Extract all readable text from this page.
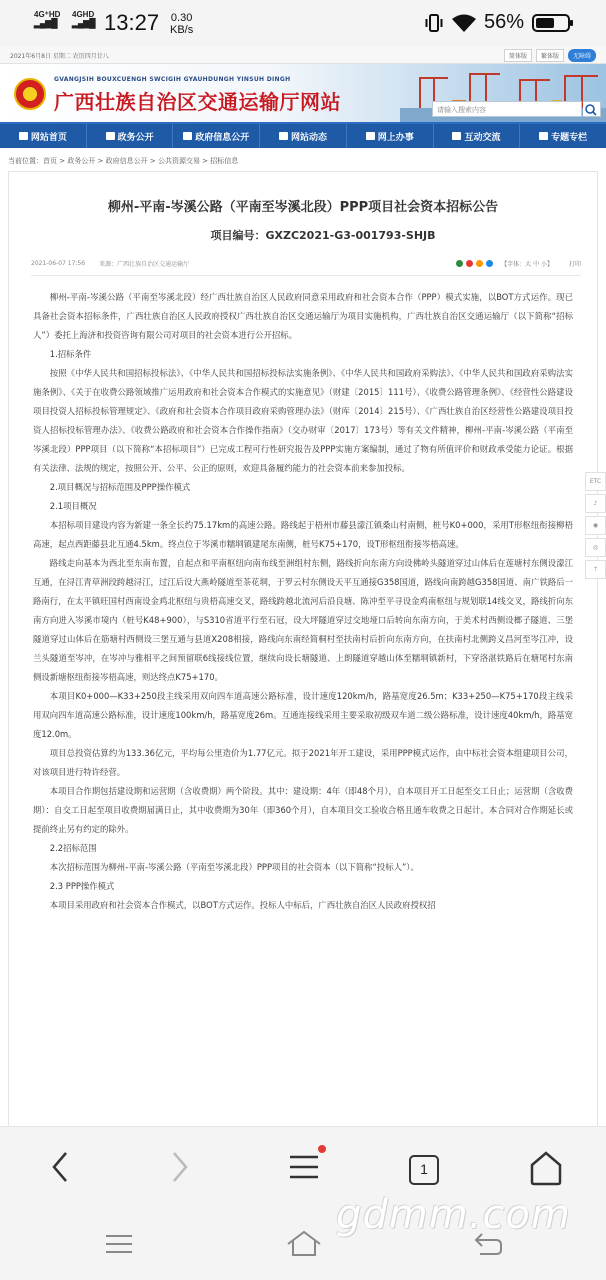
4G⁺HD
▂▄▆█
4GHD
▂▄▆█ 13:27 0.30
KB/s	56%
2021年6月8日 星期二 农历四月廿八	简体版	繁体版	无障碍
GVANGJSIH BOUXCUENGH SWCIGIH GYAUHDUNGH YINSUH DINGH
广西壮族自治区交通运输厅网站	请输入搜索内容
网站首页	政务公开	政府信息公开	网站动态	网上办事	互动交流	专题专栏
当前位置：首页 > 政务公开 > 政府信息公开 > 公共资源交易 > 招标信息
柳州-平南-岑溪公路（平南至岑溪北段）PPP项目社会资本招标公告
项目编号：GXZC2021-G3-001793-SHJB
2021-06-07 17:56 来源：广西壮族自治区交通运输厅	【字体：大 中 小】	打印

柳州-平南-岑溪公路（平南至岑溪北段）经广西壮族自治区人民政府同意采用政府和社会资本合作（PPP）模式实施，以BOT方式运作。现已具备社会资本招标条件，广西壮族自治区人民政府授权广西壮族自治区交通运输厅为项目实施机构，广西壮族自治区交通运输厅（以下简称“招标人”）委托上海济和投资咨询有限公司对项目的社会资本进行公开招标。

1.招标条件

按照《中华人民共和国招标投标法》、《中华人民共和国招标投标法实施条例》、《中华人民共和国政府采购法》、《中华人民共和国政府采购法实施条例》、《关于在收费公路领域推广运用政府和社会资本合作模式的实施意见》（财建〔2015〕111号）、《收费公路管理条例》、《经营性公路建设项目投资人招标投标管理规定》、《政府和社会资本合作项目政府采购管理办法》（财库〔2014〕215号）、《广西壮族自治区经营性公路建设项目投资人招标投标管理办法》、《收费公路政府和社会资本合作操作指南》（交办财审〔2017〕173号）等有关文件精神，柳州-平南-岑溪公路（平南至岑溪北段）PPP项目（以下简称“本招标项目”）已完成工程可行性研究报告及PPP实施方案编制，通过了物有所值评价和财政承受能力论证。根据有关法律、法规的规定，按照公开、公平、公正的原则，欢迎具备履约能力的社会资本前来参加投标。

2.项目概况与招标范围及PPP操作模式

2.1项目概况

本招标项目建设内容为新建一条全长约75.17km的高速公路。路线起于梧州市藤县濛江镇桑山村南侧，桩号K0+000，采用T形枢纽衔接柳梧高速，起点西距藤县北互通4.5km。终点位于岑溪市糯垌镇建尾东南侧，桩号K75+170，设T形枢纽衔接岑梧高速。

路线走向基本为西北至东南布置，自起点和平南枢纽向南布线至洲组村东侧，路线折向东南方向设佛岭头隧道穿过山体后在莲塘村东侧设濛江互通，在浔江青草洲段跨越浔江，过江后设大燕岭隧道至茶花垌，于罗云村东侧设天平互通接G358国道，路线向南跨越G358国道、南广铁路后一路南行，在太平镇旺国村西南设金鸡北枢纽与贵梧高速交叉，路线跨越北流河后沿良塘、陈冲至平寻设金鸡南枢纽与规划联14线交叉，路线折向东南方向进入岑溪市境内（桩号K48+900），与S310省道平行至石冠，设大坪隧道穿过交地垭口后转向东南方向，于美术村西侧设榔子隧道、三堡隧道穿过山体后在筋塘村西侧设三堡互通与县道X208相接，路线向东南经简桐村至扶南村后折向东南方向，在扶南村北侧跨义昌河至岑江冲，设兰头隧道至岑冲，在岑冲与雅相平之间预留联6线接线位置，继续向设长塘隧道、上朗隧道穿越山体至糯垌镇新村，下穿洛湛铁路后在塘尾村东南侧设新塘枢纽衔接岑梧高速，则达终点K75+170。

本项目K0+000—K33+250段主线采用双向四车道高速公路标准，设计速度120km/h，路基宽度26.5m；K33+250—K75+170段主线采用双向四车道高速公路标准，设计速度100km/h，路基宽度26m。互通连接线采用主要采取初级双车道二级公路标准，设计速度40km/h，路基宽度12.0m。

项目总投资估算约为133.36亿元，平均每公里造价为1.77亿元。拟于2021年开工建设，采用PPP模式运作，由中标社会资本组建项目公司，对该项目进行特许经营。

本项目合作期包括建设期和运营期（含收费期）两个阶段。其中：建设期：4年（即48个月），自本项目开工日起至交工日止；运营期（含收费期）：自交工日起至项目收费期届满日止，其中收费期为30年（即360个月），自本项目交工验收合格且通车收费之日起计。本合同对合作期延长或提前终止另有约定的除外。

2.2招标范围

本次招标范围为柳州-平南-岑溪公路（平南至岑溪北段）PPP项目的社会资本（以下简称“投标人”）。

2.3 PPP操作模式

本项目采用政府和社会资本合作模式，以BOT方式运作。投标人中标后，广西壮族自治区人民政府授权招

ETC
♪
◉
◎
⇡
1
gdmm.com
